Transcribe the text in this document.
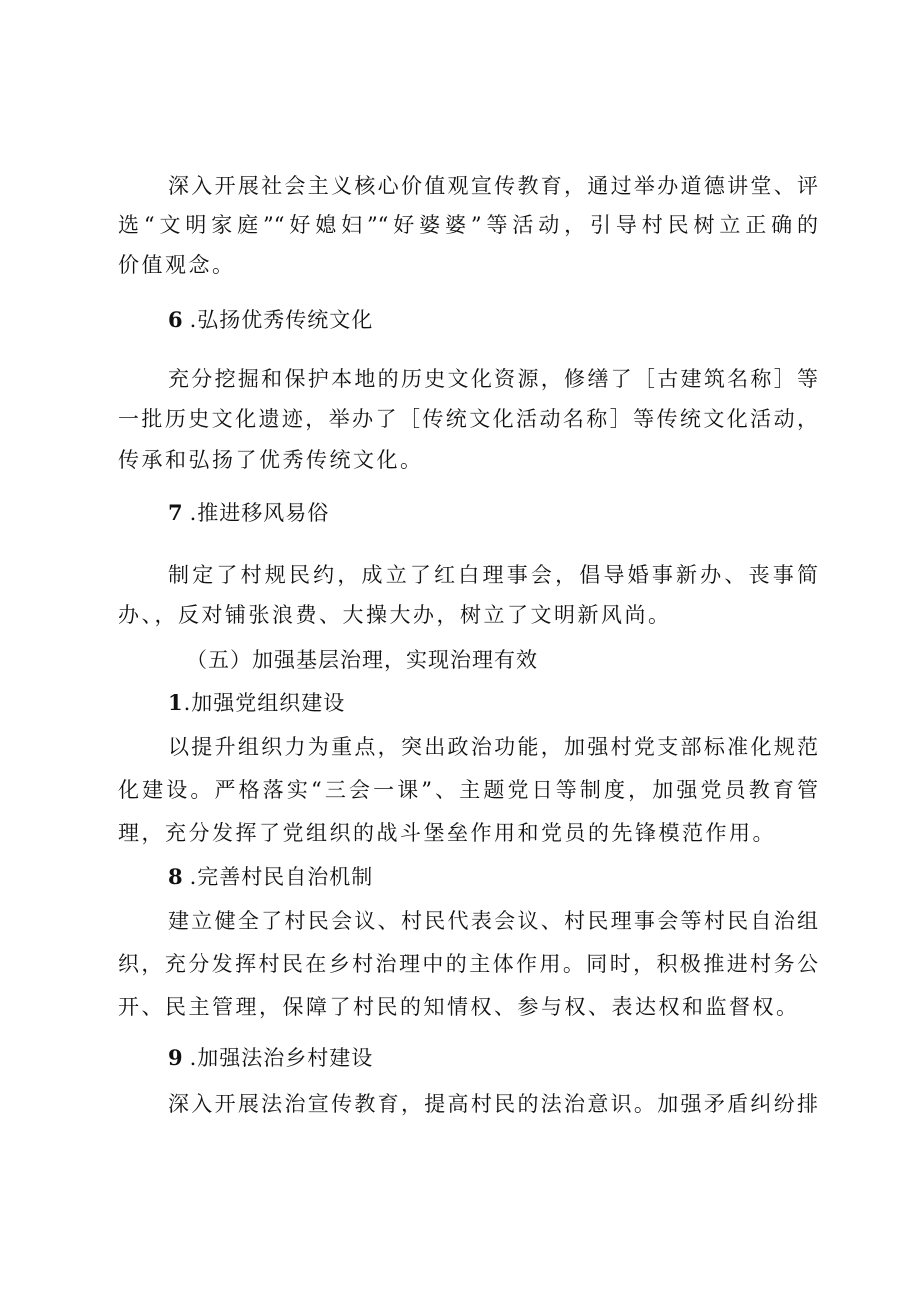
深入开展社会主义核心价值观宣传教育，通过举办道德讲堂、评
选“文明家庭”“好媳妇”“好婆婆”等活动，引导村民树立正确的
价值观念。
6 .弘扬优秀传统文化
充分挖掘和保护本地的历史文化资源，修缮了［古建筑名称］等
一批历史文化遗迹，举办了［传统文化活动名称］等传统文化活动，
传承和弘扬了优秀传统文化。
7 .推进移风易俗
制定了村规民约，成立了红白理事会，倡导婚事新办、丧事简
办、，反对铺张浪费、大操大办，树立了文明新风尚。
（五）加强基层治理，实现治理有效
1.加强党组织建设
以提升组织力为重点，突出政治功能，加强村党支部标准化规范
化建设。严格落实“三会一课”、主题党日等制度，加强党员教育管
理，充分发挥了党组织的战斗堡垒作用和党员的先锋模范作用。
8 .完善村民自治机制
建立健全了村民会议、村民代表会议、村民理事会等村民自治组
织，充分发挥村民在乡村治理中的主体作用。同时，积极推进村务公
开、民主管理，保障了村民的知情权、参与权、表达权和监督权。
9 .加强法治乡村建设
深入开展法治宣传教育，提高村民的法治意识。加强矛盾纠纷排
